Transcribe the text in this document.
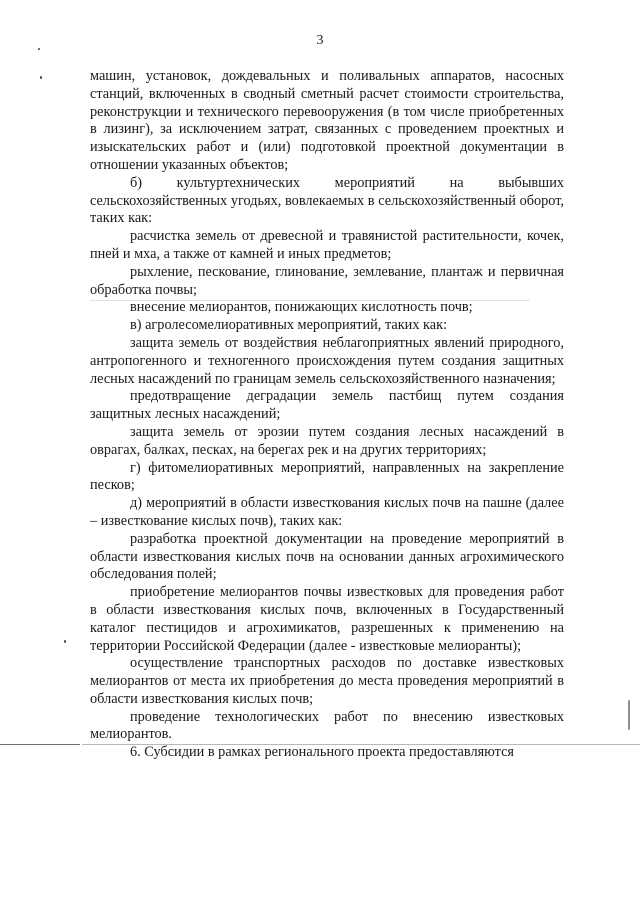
3

машин, установок, дождевальных и поливальных аппаратов, насосных станций, включенных в сводный сметный расчет стоимости строительства, реконструкции и технического перевооружения (в том числе приобретенных в лизинг), за исключением затрат, связанных с проведением проектных и изыскательских работ и (или) подготовкой проектной документации в отношении указанных объектов;

б) культуртехнических мероприятий на выбывших сельскохозяйственных угодьях, вовлекаемых в сельскохозяйственный оборот, таких как:

расчистка земель от древесной и травянистой растительности, кочек, пней и мха, а также от камней и иных предметов;

рыхление, пескование, глинование, землевание, плантаж и первичная обработка почвы;

внесение мелиорантов, понижающих кислотность почв;

в) агролесомелиоративных мероприятий, таких как:

защита земель от воздействия неблагоприятных явлений природного, антропогенного и техногенного происхождения путем создания защитных лесных насаждений по границам земель сельскохозяйственного назначения;

предотвращение деградации земель пастбищ путем создания защитных лесных насаждений;

защита земель от эрозии путем создания лесных насаждений в оврагах, балках, песках, на берегах рек и на других территориях;

г) фитомелиоративных мероприятий, направленных на закрепление песков;

д) мероприятий в области известкования кислых почв на пашне (далее – известкование кислых почв), таких как:

разработка проектной документации на проведение мероприятий в области известкования кислых почв на основании данных агрохимического обследования полей;

приобретение мелиорантов почвы известковых для проведения работ в области известкования кислых почв, включенных в Государственный каталог пестицидов и агрохимикатов, разрешенных к применению на территории Российской Федерации (далее - известковые мелиоранты);

осуществление транспортных расходов по доставке известковых мелиорантов от места их приобретения до места проведения мероприятий в области известкования кислых почв;

проведение технологических работ по внесению известковых мелиорантов.

6. Субсидии в рамках регионального проекта предоставляются
